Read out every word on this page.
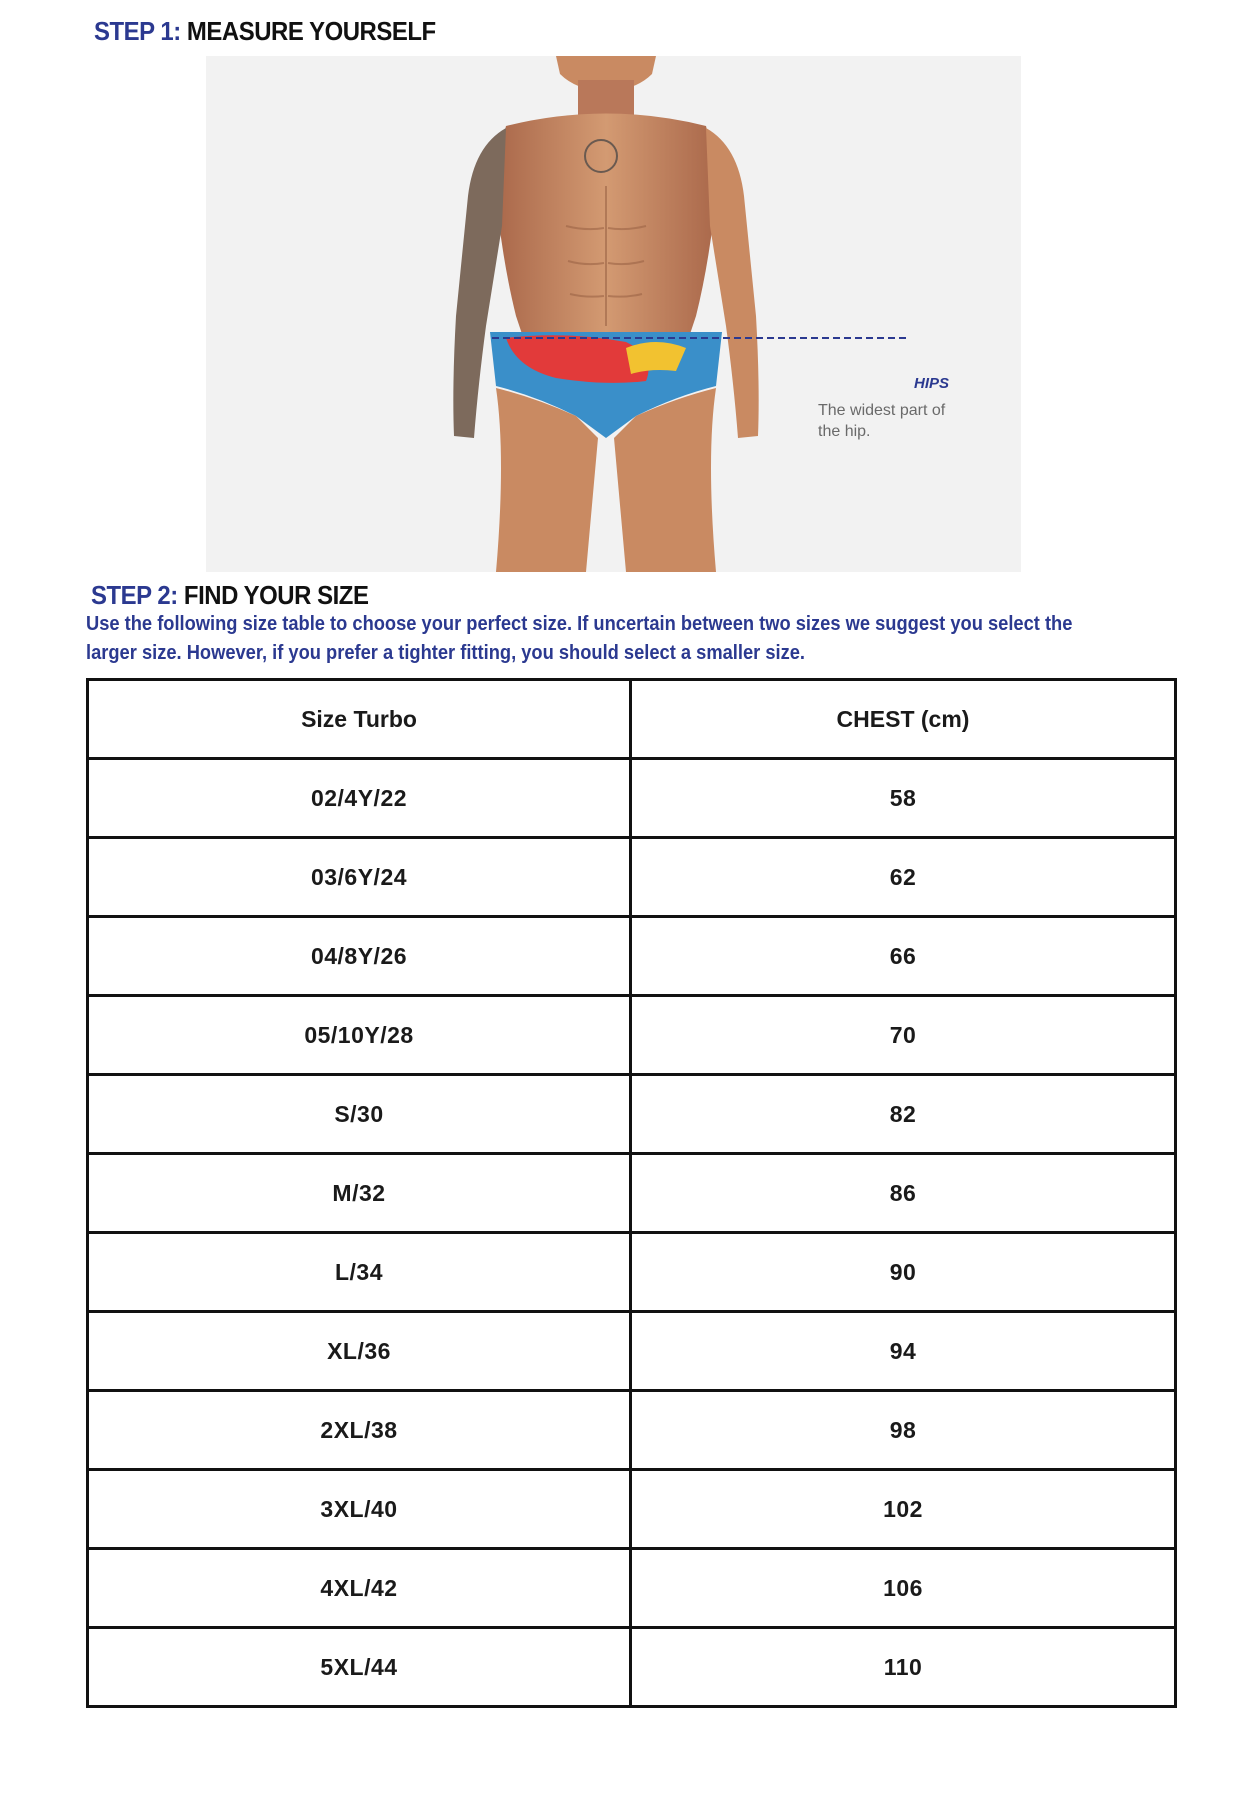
STEP 1: MEASURE YOURSELF
HIPS
The widest part of the hip.
STEP 2: FIND YOUR SIZE

Use the following size table to choose your perfect size. If uncertain between two sizes we suggest you select the larger size. However, if you prefer a tighter fitting, you should select a smaller size.

Size Turbo	CHEST (cm)
02/4Y/22	58
03/6Y/24	62
04/8Y/26	66
05/10Y/28	70
S/30	82
M/32	86
L/34	90
XL/36	94
2XL/38	98
3XL/40	102
4XL/42	106
5XL/44	110
